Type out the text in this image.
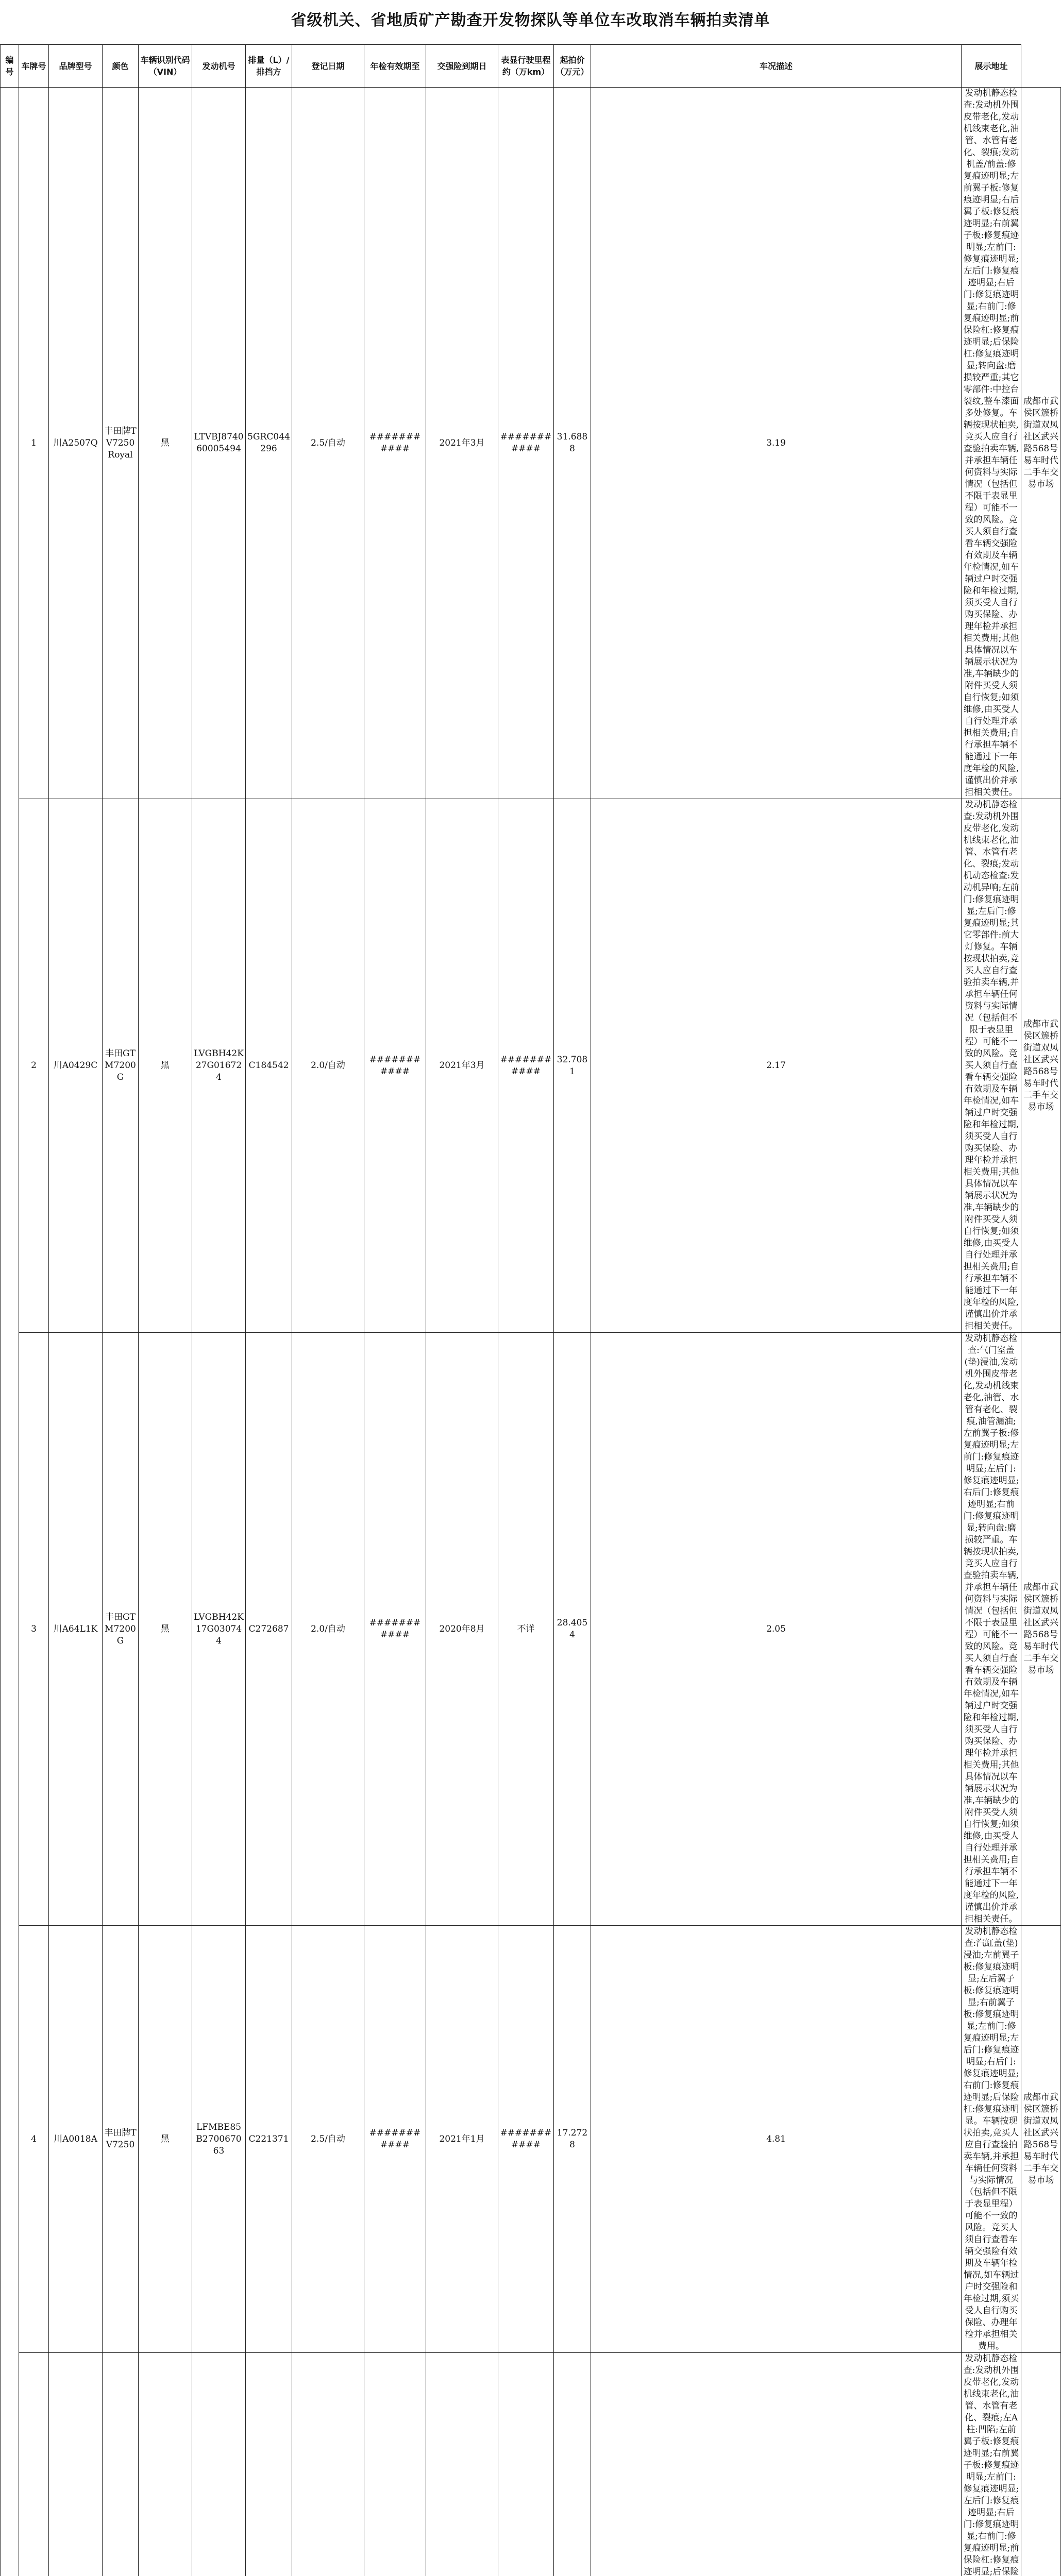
省级机关、省地质矿产勘查开发物探队等单位车改取消车辆拍卖清单
编号	车牌号	品牌型号	颜色	车辆识别代码（VIN）	发动机号	排量（L）/排挡方	登记日期	年检有效期至	交强险到期日	表显行驶里程约（万km）	起拍价（万元）	车况描述	展示地址	
	1	川A2507Q	丰田牌TV7250Royal	黑	LTVBJ874060005494	5GRC044296	2.5/自动	###########	2021年3月	###########	31.6888	3.19	发动机静态检查:发动机外围皮带老化,发动机线束老化,油管、水管有老化、裂痕;发动机盖/前盖:修复痕迹明显;左前翼子板:修复痕迹明显;右后翼子板:修复痕迹明显;右前翼子板:修复痕迹明显;左前门:修复痕迹明显;左后门:修复痕迹明显;右后门:修复痕迹明显;右前门:修复痕迹明显;前保险杠:修复痕迹明显;后保险杠:修复痕迹明显;转向盘:磨损较严重;其它零部件:中控台裂纹,整车漆面多处修复。车辆按现状拍卖,竞买人应自行查验拍卖车辆,并承担车辆任何资料与实际情况（包括但不限于表显里程）可能不一致的风险。竞买人须自行查看车辆交强险有效期及车辆年检情况,如车辆过户时交强险和年检过期,须买受人自行购买保险、办理年检并承担相关费用;其他具体情况以车辆展示状况为准,车辆缺少的附件买受人须自行恢复;如须维修,由买受人自行处理并承担相关费用;自行承担车辆不能通过下一年度年检的风险,谨慎出价并承担相关责任。	成都市武侯区簇桥街道双凤社区武兴路568号 易车时代二手车交易市场
	2	川A0429C	丰田GTM7200G	黑	LVGBH42K27G016724	C184542	2.0/自动	###########	2021年3月	###########	32.7081	2.17	发动机静态检查:发动机外围皮带老化,发动机线束老化,油管、水管有老化、裂痕;发动机动态检查:发动机异响;左前门:修复痕迹明显;左后门:修复痕迹明显;其它零部件:前大灯修复。车辆按现状拍卖,竞买人应自行查验拍卖车辆,并承担车辆任何资料与实际情况（包括但不限于表显里程）可能不一致的风险。竞买人须自行查看车辆交强险有效期及车辆年检情况,如车辆过户时交强险和年检过期,须买受人自行购买保险、办理年检并承担相关费用;其他具体情况以车辆展示状况为准,车辆缺少的附件买受人须自行恢复;如须维修,由买受人自行处理并承担相关费用;自行承担车辆不能通过下一年度年检的风险,谨慎出价并承担相关责任。	成都市武侯区簇桥街道双凤社区武兴路568号 易车时代二手车交易市场
	3	川A64L1K	丰田GTM7200G	黑	LVGBH42K17G030744	C272687	2.0/自动	###########	2020年8月	不详	28.4054	2.05	发动机静态检查:气门室盖(垫)浸油,发动机外围皮带老化,发动机线束老化,油管、水管有老化、裂痕,油管漏油;左前翼子板:修复痕迹明显;左前门:修复痕迹明显;左后门:修复痕迹明显;右后门:修复痕迹明显;右前门:修复痕迹明显;转向盘:磨损较严重。车辆按现状拍卖,竞买人应自行查验拍卖车辆,并承担车辆任何资料与实际情况（包括但不限于表显里程）可能不一致的风险。竞买人须自行查看车辆交强险有效期及车辆年检情况,如车辆过户时交强险和年检过期,须买受人自行购买保险、办理年检并承担相关费用;其他具体情况以车辆展示状况为准,车辆缺少的附件买受人须自行恢复;如须维修,由买受人自行处理并承担相关费用;自行承担车辆不能通过下一年度年检的风险,谨慎出价并承担相关责任。	成都市武侯区簇桥街道双凤社区武兴路568号 易车时代二手车交易市场
	4	川A0018A	丰田牌TV7250	黑	LFMBE85B270067063	C221371	2.5/自动	###########	2021年1月	###########	17.2728	4.81	发动机静态检查:汽缸盖(垫)浸油;左前翼子板:修复痕迹明显;左后翼子板:修复痕迹明显;右前翼子板:修复痕迹明显;左前门:修复痕迹明显;左后门:修复痕迹明显;右后门:修复痕迹明显;右前门:修复痕迹明显;后保险杠:修复痕迹明显。车辆按现状拍卖,竞买人应自行查验拍卖车辆,并承担车辆任何资料与实际情况（包括但不限于表显里程）可能不一致的风险。竞买人须自行查看车辆交强险有效期及车辆年检情况,如车辆过户时交强险和年检过期,须买受人自行购买保险、办理年检并承担相关费用。	成都市武侯区簇桥街道双凤社区武兴路568号 易车时代二手车交易市场
												发动机静态检查:发动机外围皮带老化,发动机线束老化,油管、水管有老化、裂痕;左A柱:凹陷;左前翼子板:修复痕迹明显;右前翼子板:修复痕迹明显;左前门:修复痕迹明显;左后门:修复痕迹明显;右后门:修复痕迹明显;右前门:修复痕迹明显;前保险杠:修复痕迹明显;后保险	
